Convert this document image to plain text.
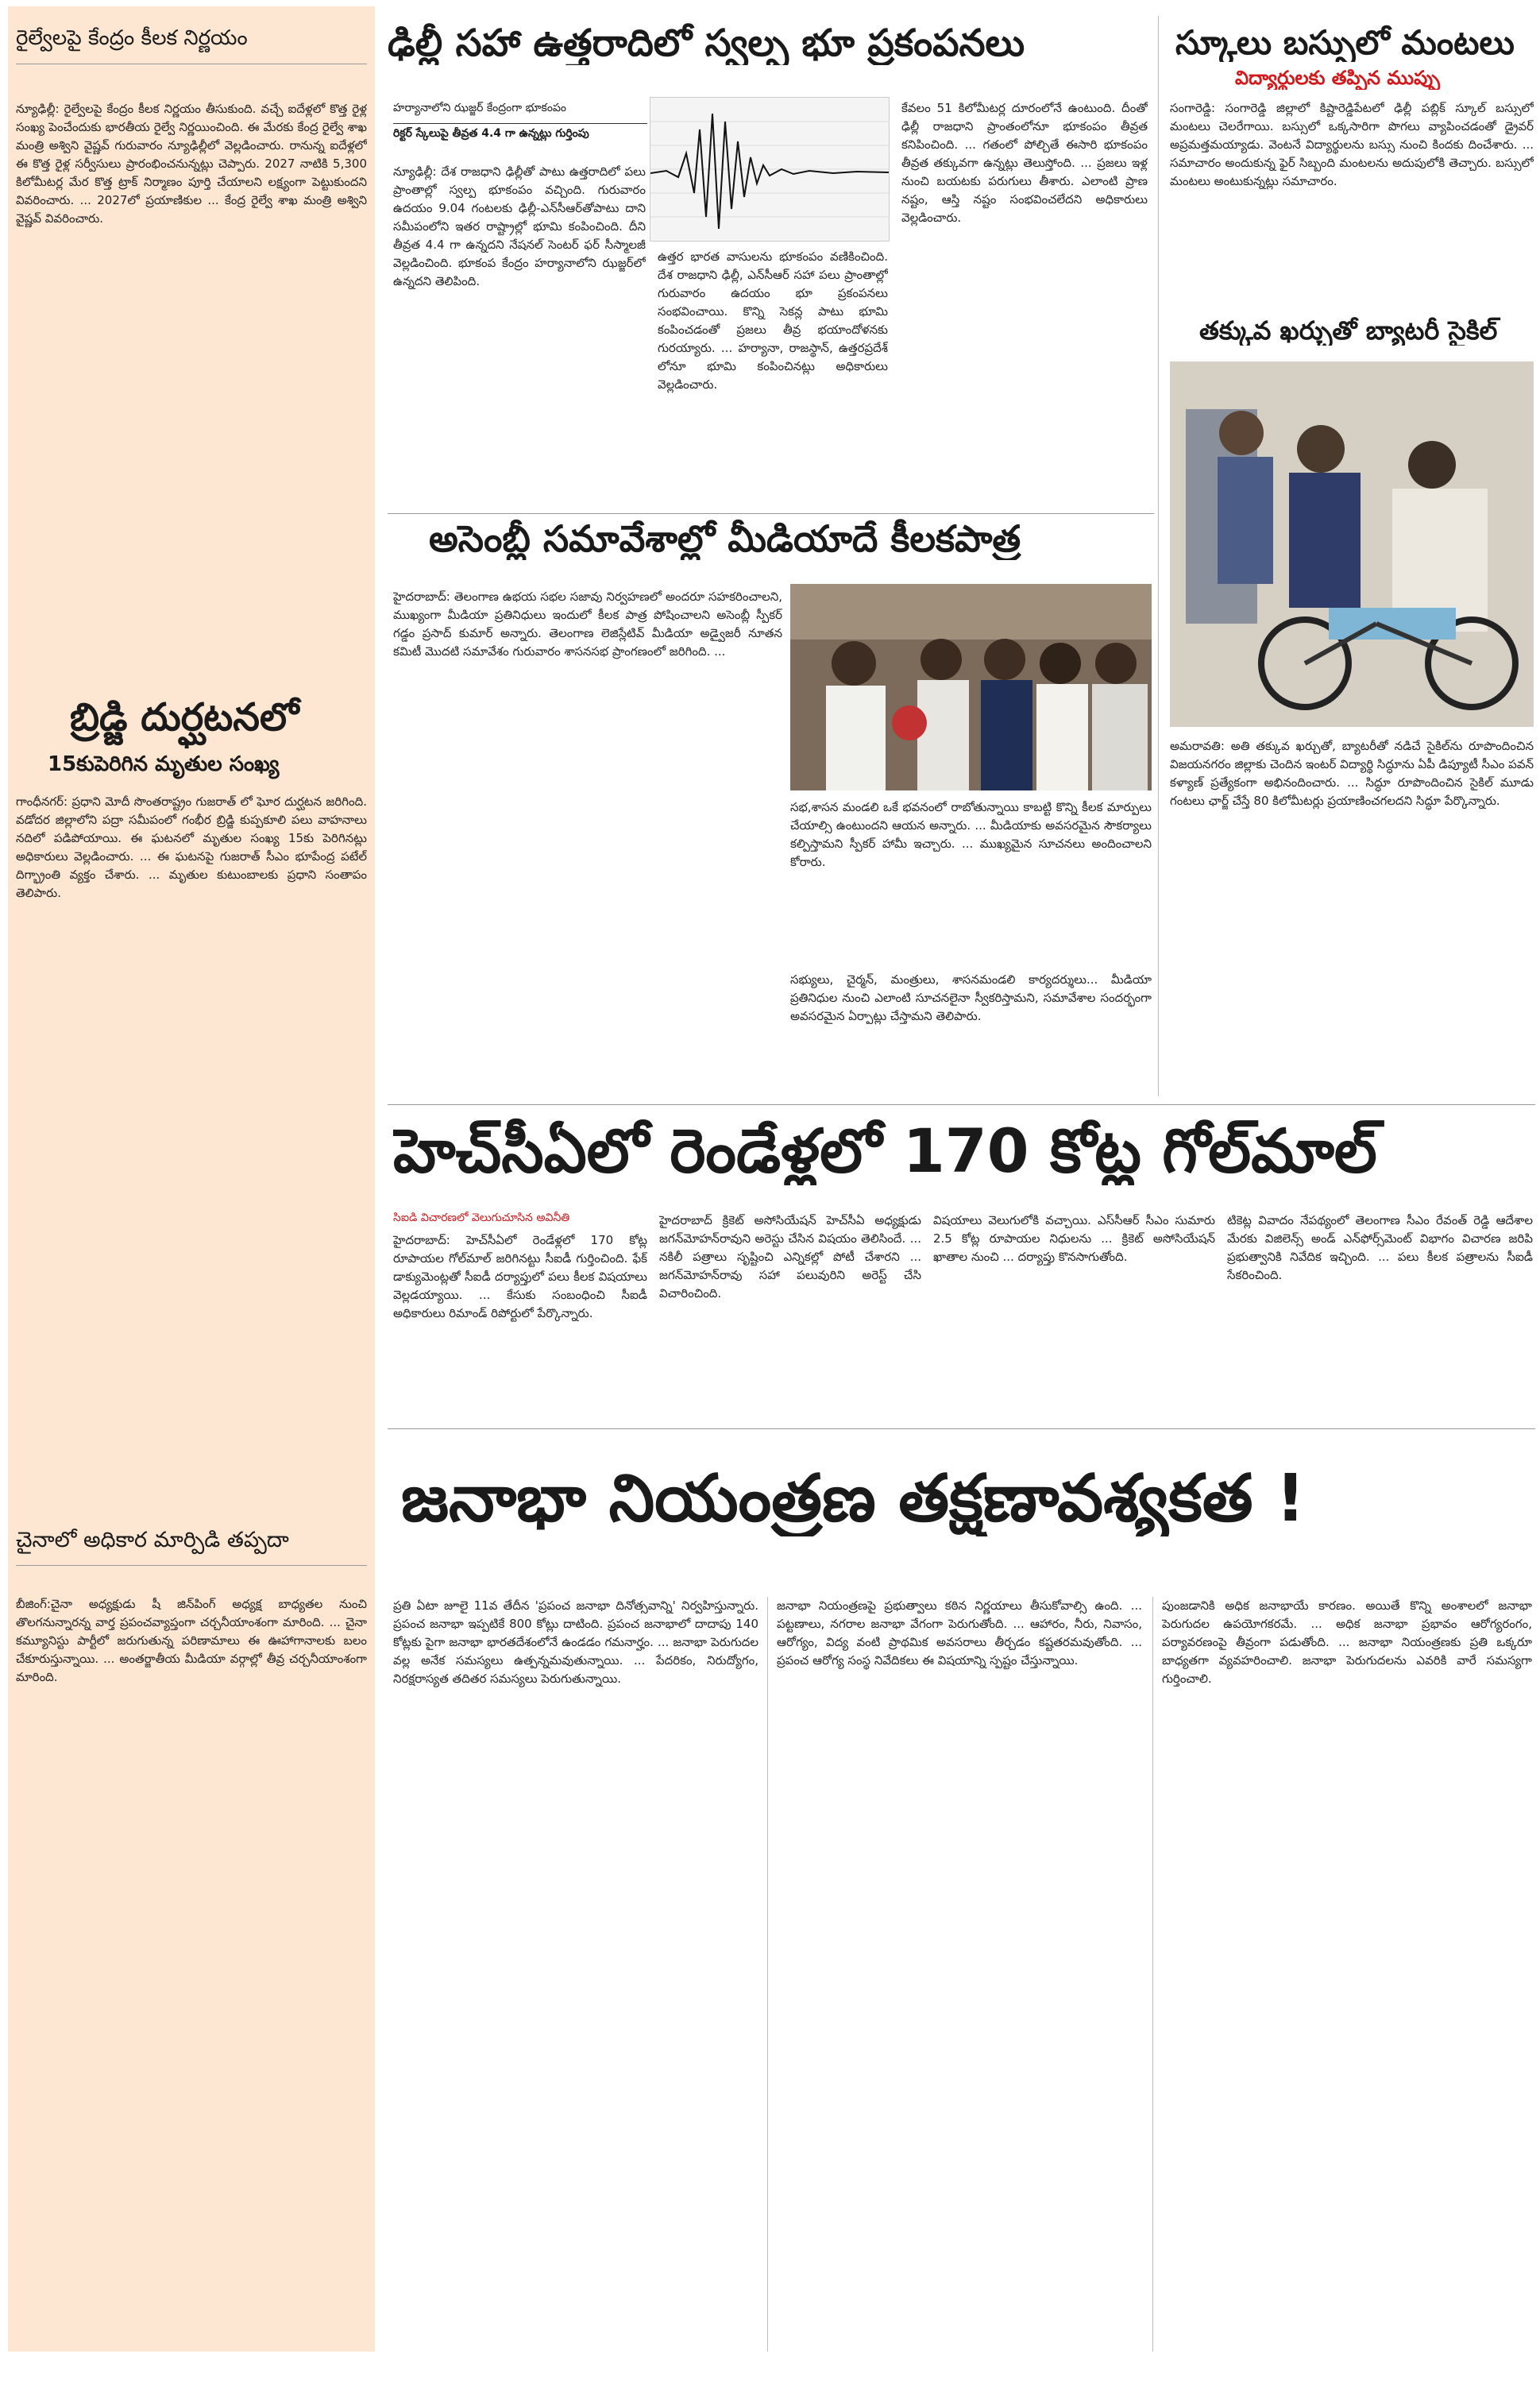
రైల్వేలపై కేంద్రం కీలక నిర్ణయం
న్యూఢిల్లీ: రైల్వేలపై కేంద్రం కీలక నిర్ణయం తీసుకుంది. వచ్చే ఐదేళ్లలో కొత్త రైళ్ల సంఖ్య పెంచేందుకు భారతీయ రైల్వే నిర్ణయించింది. ఈ మేరకు కేంద్ర రైల్వే శాఖ మంత్రి అశ్విని వైష్ణవ్ గురువారం న్యూఢిల్లీలో వెల్లడించారు. రానున్న ఐదేళ్లలో ఈ కొత్త రైళ్ల సర్వీసులు ప్రారంభించనున్నట్లు చెప్పారు. 2027 నాటికి 5,300 కిలోమీటర్ల మేర కొత్త ట్రాక్ నిర్మాణం పూర్తి చేయాలని లక్ష్యంగా పెట్టుకుందని వివరించారు. ... 2027లో ప్రయాణికుల ... కేంద్ర రైల్వే శాఖ మంత్రి అశ్విని వైష్ణవ్ వివరించారు.
బ్రిడ్జి దుర్ఘటనలో
15కుపెరిగిన మృతుల సంఖ్య
గాంధీనగర్: ప్రధాని మోదీ సొంతరాష్ట్రం గుజరాత్ లో ఘోర దుర్ఘటన జరిగింది. వడోదర జిల్లాలోని పద్రా సమీపంలో గంభీర బ్రిడ్జి కుప్పకూలి పలు వాహనాలు నదిలో పడిపోయాయి. ఈ ఘటనలో మృతుల సంఖ్య 15కు పెరిగినట్లు అధికారులు వెల్లడించారు. ... ఈ ఘటనపై గుజరాత్ సీఎం భూపేంద్ర పటేల్ దిగ్భ్రాంతి వ్యక్తం చేశారు. ... మృతుల కుటుంబాలకు ప్రధాని సంతాపం తెలిపారు.
చైనాలో అధికార మార్పిడి తప్పదా
బీజింగ్:చైనా అధ్యక్షుడు షీ జిన్‌పింగ్ అధ్యక్ష బాధ్యతల నుంచి తొలగనున్నారన్న వార్త ప్రపంచవ్యాప్తంగా చర్చనీయాంశంగా మారింది. ... చైనా కమ్యూనిస్టు పార్టీలో జరుగుతున్న పరిణామాలు ఈ ఊహాగానాలకు బలం చేకూరుస్తున్నాయి. ... అంతర్జాతీయ మీడియా వర్గాల్లో తీవ్ర చర్చనీయాంశంగా మారింది.
ఢిల్లీ సహా ఉత్తరాదిలో స్వల్ప భూ ప్రకంపనలు
హర్యానాలోని ఝజ్జర్ కేంద్రంగా భూకంపం
రిక్టర్ స్కేలుపై తీవ్రత 4.4 గా ఉన్నట్లు గుర్తింపు
న్యూఢిల్లీ: దేశ రాజధాని ఢిల్లీతో పాటు ఉత్తరాదిలో పలు ప్రాంతాల్లో స్వల్ప భూకంపం వచ్చింది. గురువారం ఉదయం 9.04 గంటలకు ఢిల్లీ-ఎన్‌సీఆర్‌తోపాటు దాని సమీపంలోని ఇతర రాష్ట్రాల్లో భూమి కంపించింది. దీని తీవ్రత 4.4 గా ఉన్నదని నేషనల్ సెంటర్ ఫర్ సీస్మాలజీ వెల్లడించింది. భూకంప కేంద్రం హర్యానాలోని ఝజ్జర్‌లో ఉన్నదని తెలిపింది.
ఉత్తర భారత వాసులను భూకంపం వణికించింది. దేశ రాజధాని ఢిల్లీ, ఎన్‌సీఆర్ సహా పలు ప్రాంతాల్లో గురువారం ఉదయం భూ ప్రకంపనలు సంభవించాయి. కొన్ని సెకన్ల పాటు భూమి కంపించడంతో ప్రజలు తీవ్ర భయాందోళనకు గురయ్యారు. ... హర్యానా, రాజస్థాన్, ఉత్తరప్రదేశ్ లోనూ భూమి కంపించినట్లు అధికారులు వెల్లడించారు.
కేవలం 51 కిలోమీటర్ల దూరంలోనే ఉంటుంది. దీంతో ఢిల్లీ రాజధాని ప్రాంతంలోనూ భూకంపం తీవ్రత కనిపించింది. ... గతంలో పోల్చితే ఈసారి భూకంపం తీవ్రత తక్కువగా ఉన్నట్లు తెలుస్తోంది. ... ప్రజలు ఇళ్ల నుంచి బయటకు పరుగులు తీశారు. ఎలాంటి ప్రాణ నష్టం, ఆస్తి నష్టం సంభవించలేదని అధికారులు వెల్లడించారు.
స్కూలు బస్సులో మంటలు
విద్యార్థులకు తప్పిన ముప్పు
సంగారెడ్డి: సంగారెడ్డి జిల్లాలో కిష్టారెడ్డిపేటలో ఢిల్లీ పబ్లిక్ స్కూల్ బస్సులో మంటలు చెలరేగాయి. బస్సులో ఒక్కసారిగా పొగలు వ్యాపించడంతో డ్రైవర్ అప్రమత్తమయ్యాడు. వెంటనే విద్యార్థులను బస్సు నుంచి కిందకు దించేశారు. ... సమాచారం అందుకున్న ఫైర్ సిబ్బంది మంటలను అదుపులోకి తెచ్చారు. బస్సులో మంటలు అంటుకున్నట్లు సమాచారం.
తక్కువ ఖర్చుతో బ్యాటరీ సైకిల్
అమరావతి: అతి తక్కువ ఖర్చుతో, బ్యాటరీతో నడిచే సైకిల్‌ను రూపొందించిన విజయనగరం జిల్లాకు చెందిన ఇంటర్ విద్యార్థి సిద్ధూను ఏపీ డిప్యూటీ సీఎం పవన్ కళ్యాణ్ ప్రత్యేకంగా అభినందించారు. ... సిద్ధూ రూపొందించిన సైకిల్ మూడు గంటలు ఛార్జ్ చేస్తే 80 కిలోమీటర్లు ప్రయాణించగలదని సిద్ధూ పేర్కొన్నారు.
అసెంబ్లీ సమావేశాల్లో మీడియాదే కీలకపాత్ర
హైదరాబాద్: తెలంగాణ ఉభయ సభల సజావు నిర్వహణలో అందరూ సహకరించాలని, ముఖ్యంగా మీడియా ప్రతినిధులు ఇందులో కీలక పాత్ర పోషించాలని అసెంబ్లీ స్పీకర్ గడ్డం ప్రసాద్ కుమార్ అన్నారు. తెలంగాణ లెజిస్లేటివ్ మీడియా అడ్వైజరీ నూతన కమిటీ మొదటి సమావేశం గురువారం శాసనసభ ప్రాంగణంలో జరిగింది. ...
సభ,శాసన మండలి ఒకే భవనంలో రాబోతున్నాయి కాబట్టి కొన్ని కీలక మార్పులు చేయాల్సి ఉంటుందని ఆయన అన్నారు. ... మీడియాకు అవసరమైన సౌకర్యాలు కల్పిస్తామని స్పీకర్ హామీ ఇచ్చారు. ... ముఖ్యమైన సూచనలు అందించాలని కోరారు.
సభ్యులు, చైర్మన్, మంత్రులు, శాసనమండలి కార్యదర్శులు... మీడియా ప్రతినిధుల నుంచి ఎలాంటి సూచనలైనా స్వీకరిస్తామని, సమావేశాల సందర్భంగా అవసరమైన ఏర్పాట్లు చేస్తామని తెలిపారు.
హెచ్‌సీఏలో రెండేళ్లలో 170 కోట్ల గోల్‌మాల్
సిఐడి విచారణలో వెలుగుచూసిన అవినీతి
హైదరాబాద్: హెచ్‌సీఏలో రెండేళ్లలో 170 కోట్ల రూపాయల గోల్‌మాల్ జరిగినట్టు సీఐడీ గుర్తించింది. ఫేక్ డాక్యుమెంట్లతో సీఐడీ దర్యాప్తులో పలు కీలక విషయాలు వెల్లడయ్యాయి. ... కేసుకు సంబంధించి సీఐడీ అధికారులు రిమాండ్ రిపోర్టులో పేర్కొన్నారు.
హైదరాబాద్ క్రికెట్ అసోసియేషన్ హెచ్‌సీఏ అధ్యక్షుడు జగన్‌మోహన్‌రావుని అరెస్టు చేసిన విషయం తెలిసిందే. ... నకిలీ పత్రాలు సృష్టించి ఎన్నికల్లో పోటీ చేశారని ... జగన్‌మోహన్‌రావు సహా పలువురిని అరెస్ట్ చేసి విచారించింది.
విషయాలు వెలుగులోకి వచ్చాయి. ఎస్‌సీఆర్ సీఎం సుమారు 2.5 కోట్ల రూపాయల నిధులను ... క్రికెట్ అసోసియేషన్ ఖాతాల నుంచి ... దర్యాప్తు కొనసాగుతోంది.
టికెట్ల వివాదం నేపథ్యంలో తెలంగాణ సీఎం రేవంత్ రెడ్డి ఆదేశాల మేరకు విజిలెన్స్ అండ్ ఎన్‌ఫోర్స్‌మెంట్ విభాగం విచారణ జరిపి ప్రభుత్వానికి నివేదిక ఇచ్చింది. ... పలు కీలక పత్రాలను సీఐడీ సేకరించింది.
జనాభా నియంత్రణ తక్షణావశ్యకత !
ప్రతి ఏటా జూలై 11వ తేదీన 'ప్రపంచ జనాభా దినోత్సవాన్ని' నిర్వహిస్తున్నారు. ప్రపంచ జనాభా ఇప్పటికే 800 కోట్లు దాటింది. ప్రపంచ జనాభాలో దాదాపు 140 కోట్లకు పైగా జనాభా భారతదేశంలోనే ఉండడం గమనార్హం. ... జనాభా పెరుగుదల వల్ల అనేక సమస్యలు ఉత్పన్నమవుతున్నాయి. ... పేదరికం, నిరుద్యోగం, నిరక్షరాస్యత తదితర సమస్యలు పెరుగుతున్నాయి.
జనాభా నియంత్రణపై ప్రభుత్వాలు కఠిన నిర్ణయాలు తీసుకోవాల్సి ఉంది. ... పట్టణాలు, నగరాల జనాభా వేగంగా పెరుగుతోంది. ... ఆహారం, నీరు, నివాసం, ఆరోగ్యం, విద్య వంటి ప్రాథమిక అవసరాలు తీర్చడం కష్టతరమవుతోంది. ... ప్రపంచ ఆరోగ్య సంస్థ నివేదికలు ఈ విషయాన్ని స్పష్టం చేస్తున్నాయి.
పుంజడానికి అధిక జనాభాయే కారణం. అయితే కొన్ని అంశాలలో జనాభా పెరుగుదల ఉపయోగకరమే. ... అధిక జనాభా ప్రభావం ఆరోగ్యరంగం, పర్యావరణంపై తీవ్రంగా పడుతోంది. ... జనాభా నియంత్రణకు ప్రతి ఒక్కరూ బాధ్యతగా వ్యవహరించాలి. జనాభా పెరుగుదలను ఎవరికి వారే సమస్యగా గుర్తించాలి.
